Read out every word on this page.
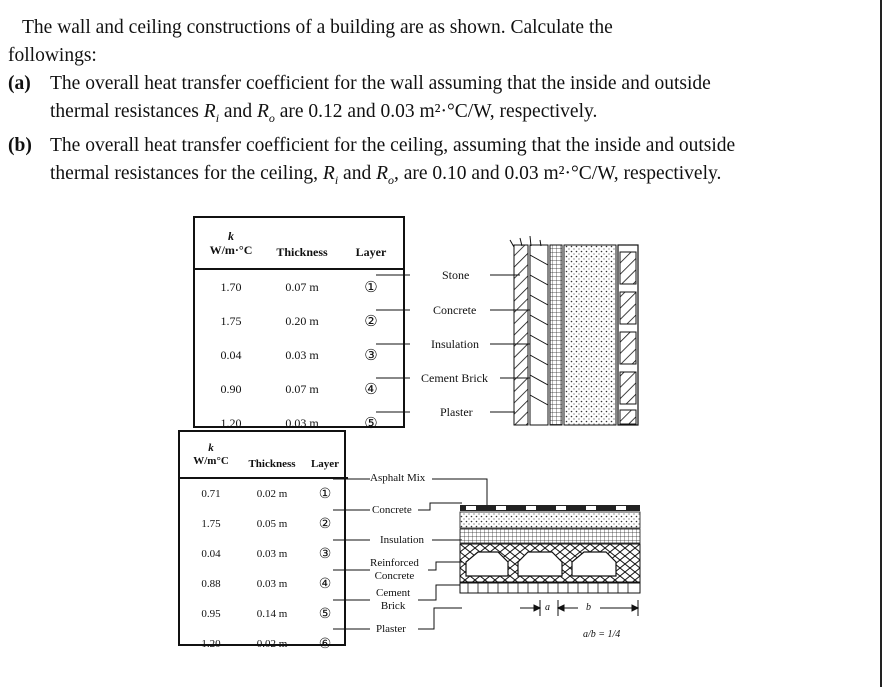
The wall and ceiling constructions of a building are as shown. Calculate the

followings:

(a) The overall heat transfer coefficient for the wall assuming that the inside and outside thermal resistances $R_i$ and $R_o$ are 0.12 and 0.03 m²·°C/W, respectively.
(b) The overall heat transfer coefficient for the ceiling, assuming that the inside and outside thermal resistances for the ceiling, $R_i$ and $R_o$, are 0.10 and 0.03 m²·°C/W, respectively.
k
W/m·°C	Thickness	Layer
1.70	0.07 m	①
1.75	0.20 m	②
0.04	0.03 m	③
0.90	0.07 m	④
1.20	0.03 m	⑤
k
W/m°C	Thickness	Layer
0.71	0.02 m	①
1.75	0.05 m	②
0.04	0.03 m	③
0.88	0.03 m	④
0.95	0.14 m	⑤
1.20	0.02 m	⑥
Stone
Concrete
Insulation
Cement Brick
Plaster
Asphalt Mix
Concrete
Insulation
Reinforced
Concrete
Cement
Brick
Plaster
a	b
a/b = 1/4
